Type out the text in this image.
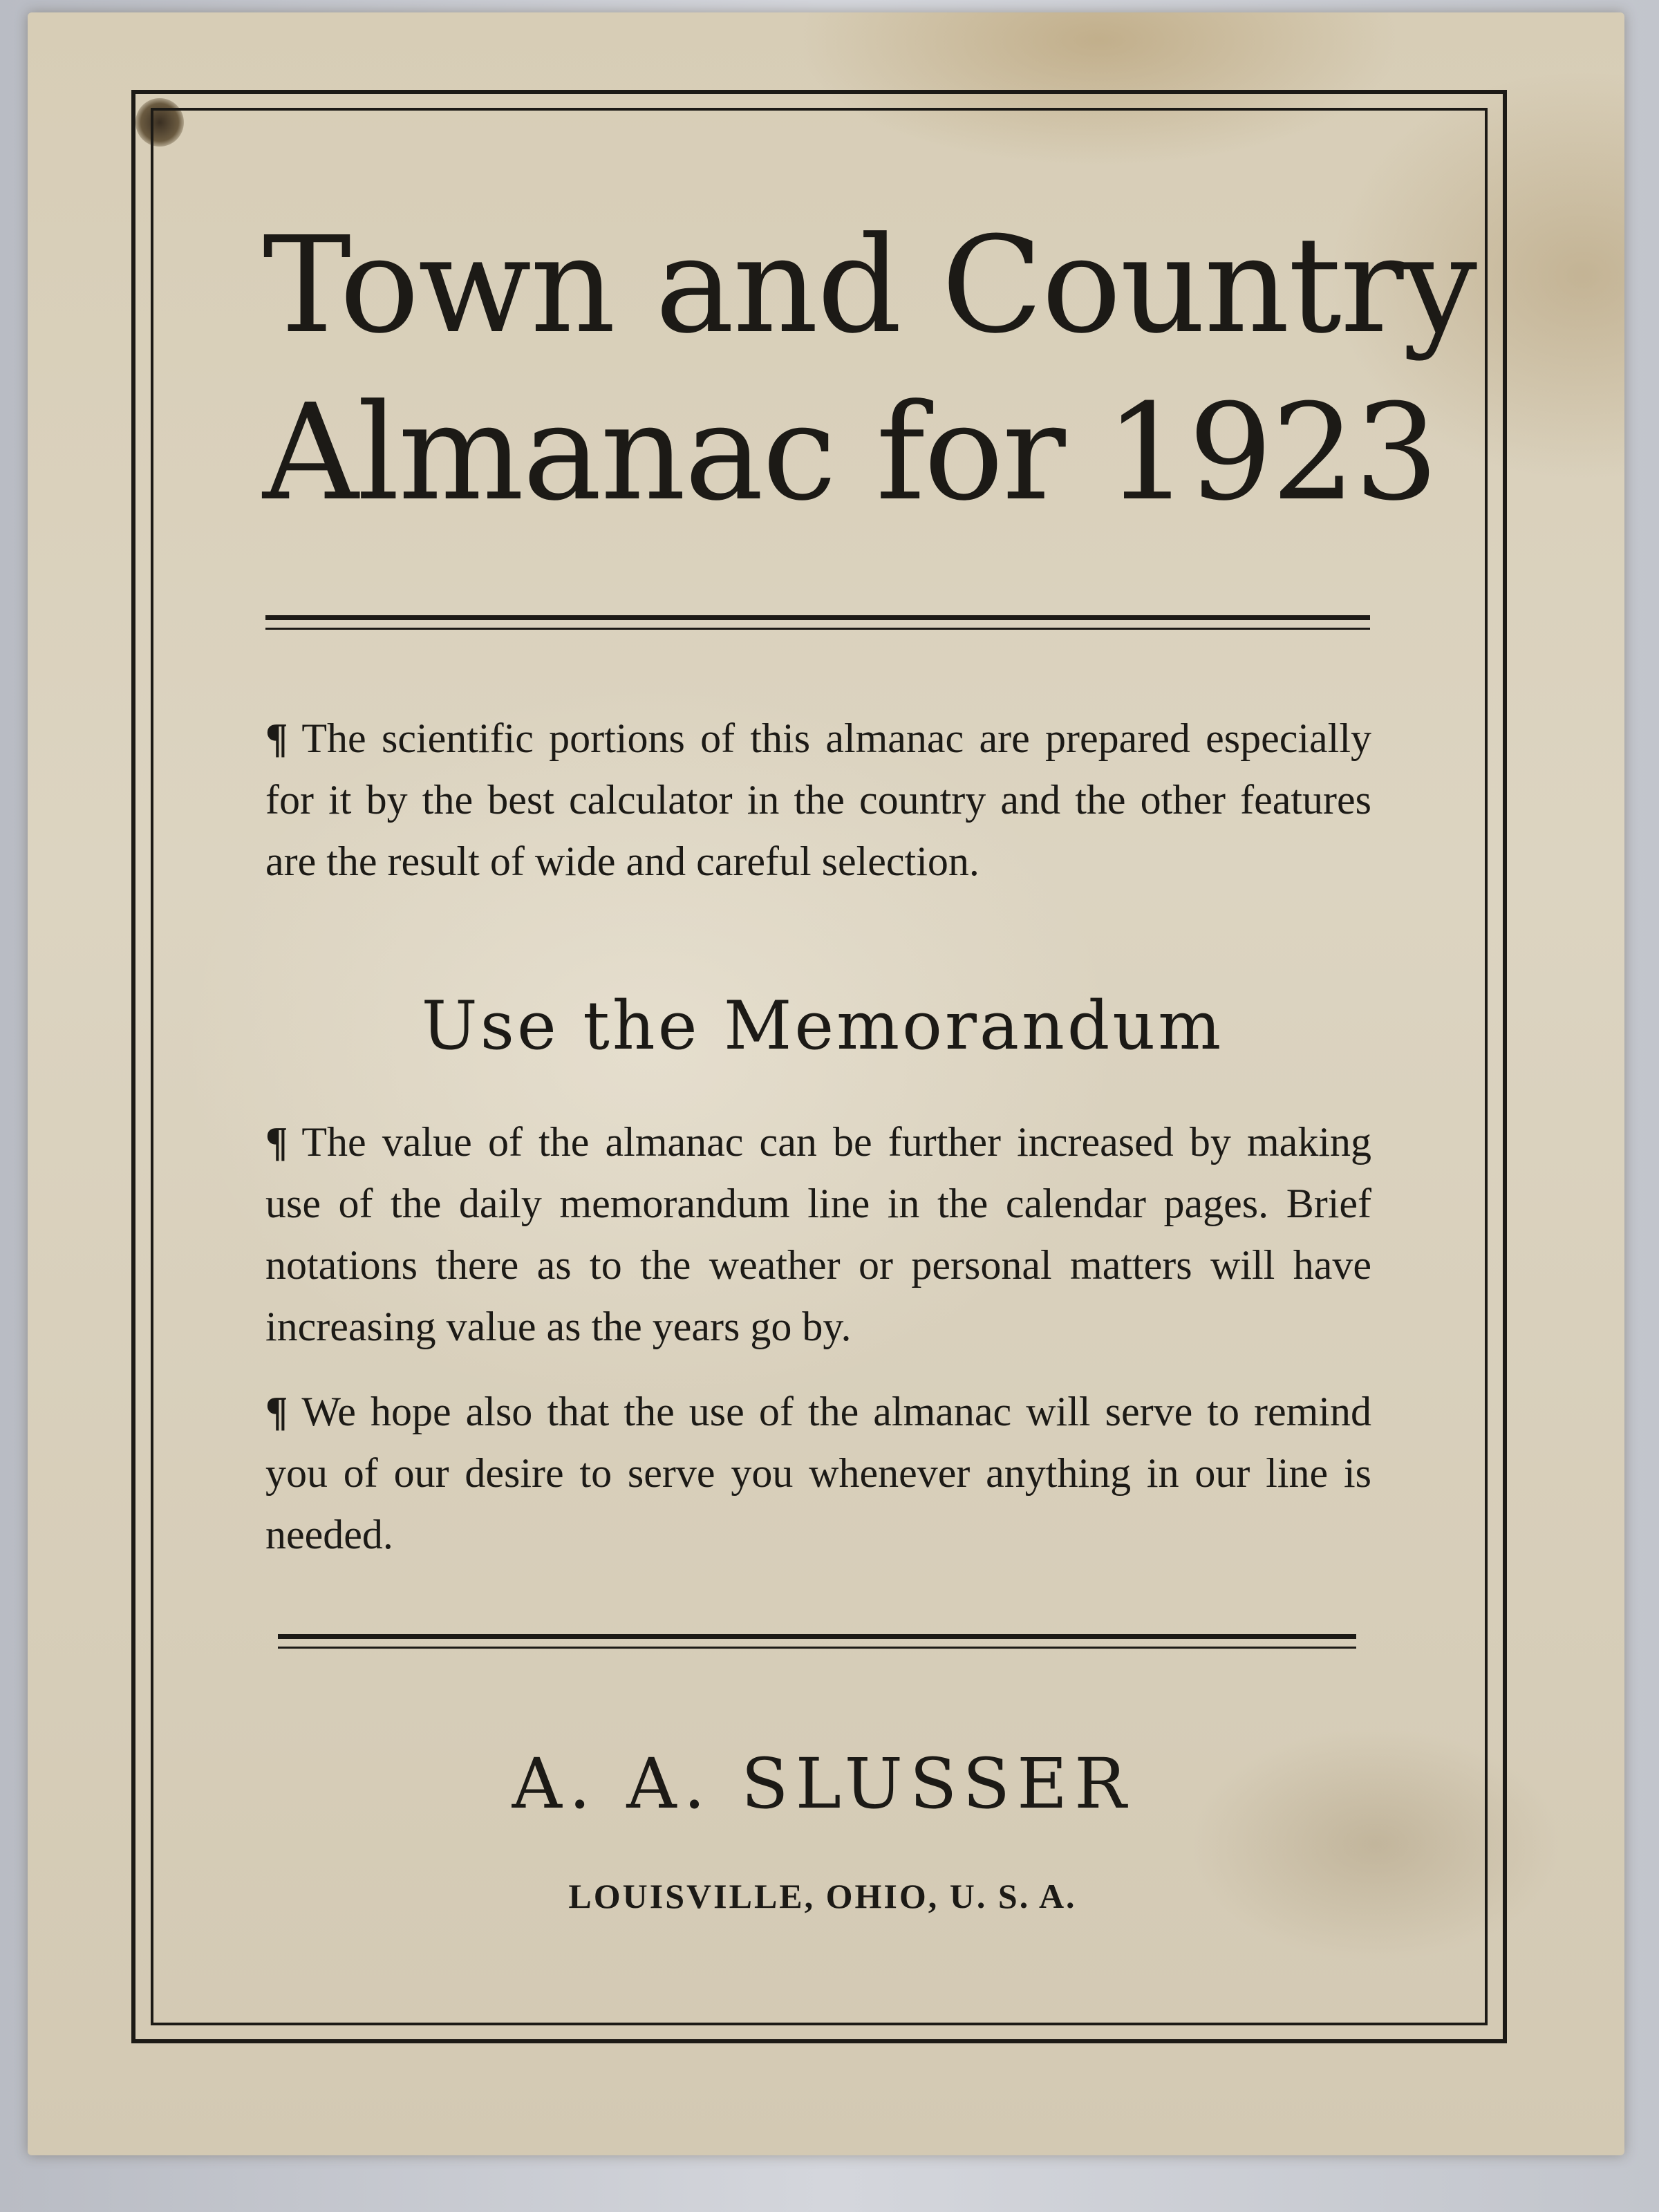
Town and Country
Almanac for 1923
¶ The scientific portions of this almanac are prepared especially for it by the best calculator in the country and the other features are the result of wide and careful selection.
Use the Memorandum
¶ The value of the almanac can be further increased by making use of the daily memorandum line in the calendar pages. Brief notations there as to the weather or personal matters will have increasing value as the years go by.
¶ We hope also that the use of the almanac will serve to remind you of our desire to serve you whenever anything in our line is needed.
A. A. SLUSSER
LOUISVILLE, OHIO, U. S. A.
